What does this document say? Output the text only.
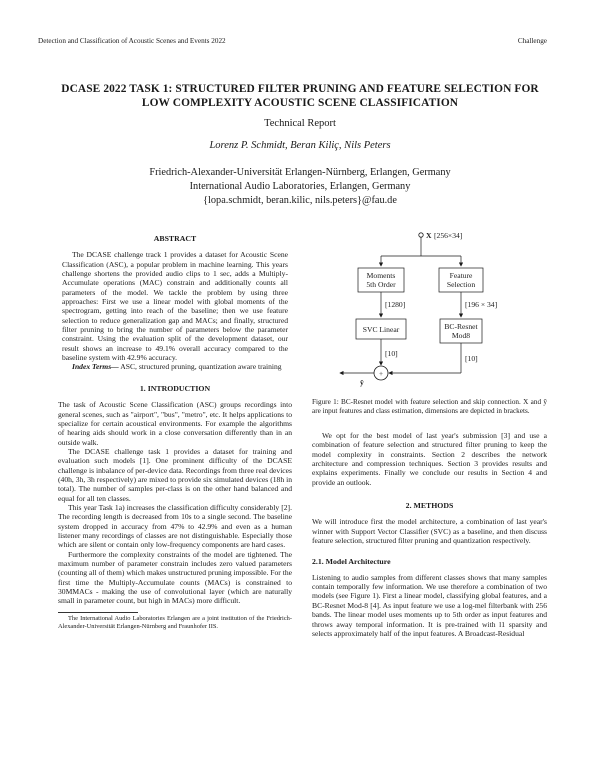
Detection and Classification of Acoustic Scenes and Events 2022	Challenge
DCASE 2022 TASK 1: STRUCTURED FILTER PRUNING AND FEATURE SELECTION FOR
LOW COMPLEXITY ACOUSTIC SCENE CLASSIFICATION
Technical Report
Lorenz P. Schmidt, Beran Kiliç, Nils Peters
Friedrich-Alexander-Universität Erlangen-Nürnberg, Erlangen, Germany
International Audio Laboratories, Erlangen, Germany
{lopa.schmidt, beran.kilic, nils.peters}@fau.de
ABSTRACT

The DCASE challenge track 1 provides a dataset for Acoustic Scene Classification (ASC), a popular problem in machine learning. This years challenge shortens the provided audio clips to 1 sec, adds a Multiply-Accumulate operations (MAC) constrain and additionally counts all parameters of the model. We tackle the problem by using three approaches: First we use a linear model with global moments of the spectrogram, getting into reach of the baseline; then we use feature selection to reduce generalization gap and MACs; and finally, structured filter pruning to bring the number of parameters below the parameter constraint. Using the evaluation split of the development dataset, our result shows an increase to 49.1% overall accuracy compared to the baseline system with 42.9% accuracy.

Index Terms— ASC, structured pruning, quantization aware training

1. INTRODUCTION

The task of Acoustic Scene Classification (ASC) groups recordings into general scenes, such as "airport", "bus", "metro", etc. It helps applications to specialize for certain acoustical environments. For example the algorithms of hearing aids should work in a close conversation differently than in an outside walk.

The DCASE challenge task 1 provides a dataset for training and evaluation such models [1]. One prominent difficulty of the DCASE challenge is inbalance of per-device data. Recordings from three real devices (40h, 3h, 3h respectively) are mixed to provide six simulated devices (18h in total). The number of samples per-class is on the other hand balanced and equal for all ten classes.

This year Task 1a) increases the classification difficulty considerably [2]. The recording length is decreased from 10s to a single second. The baseline system dropped in accuracy from 47% to 42.9% and even as a human listener many recordings of classes are not distinguishable. Especially those which are silent or contain only low-frequency components are hard cases.

Furthermore the complexity constraints of the model are tightened. The maximum number of parameter constrain includes zero valued parameters (counting all of them) which makes unstructured pruning impossible. For the first time the Multiply-Accumulate counts (MACs) is constrained to 30MMACs - making the use of convolutional layer (which are naturally small in parameter count, but high in MACs) more difficult.

The International Audio Laboratories Erlangen are a joint institution of the Friedrich-Alexander-Universität Erlangen-Nürnberg and Fraunhofer IIS.

X [256×34]
Moments
5th Order
Feature
Selection
[1280]	[196 × 34]
SVC Linear	BC-Resnet
Mod8
[10]
[10]
+
ŷ
Figure 1: BC-Resnet model with feature selection and skip connection. X and ŷ are input features and class estimation, dimensions are depicted in brackets.

We opt for the best model of last year's submission [3] and use a combination of feature selection and structured filter pruning to keep the model complexity in constraints. Section 2 describes the network architecture and compression techniques. Section 3 provides results and explains experiments. Finally we conclude our results in Section 4 and provide an outlook.

2. METHODS

We will introduce first the model architecture, a combination of last year's winner with Support Vector Classifier (SVC) as a baseline, and then discuss feature selection, structured filter pruning and quantization respectively.

2.1. Model Architecture

Listening to audio samples from different classes shows that many samples contain temporally few information. We use therefore a combination of two models (see Figure 1). First a linear model, classifying global features, and a BC-Resnet Mod-8 [4]. As input feature we use a log-mel filterbank with 256 bands. The linear model uses moments up to 5th order as input features and throws away temporal information. It is pre-trained with l1 sparsity and selects approximately half of the input features. A Broadcast-Residual
